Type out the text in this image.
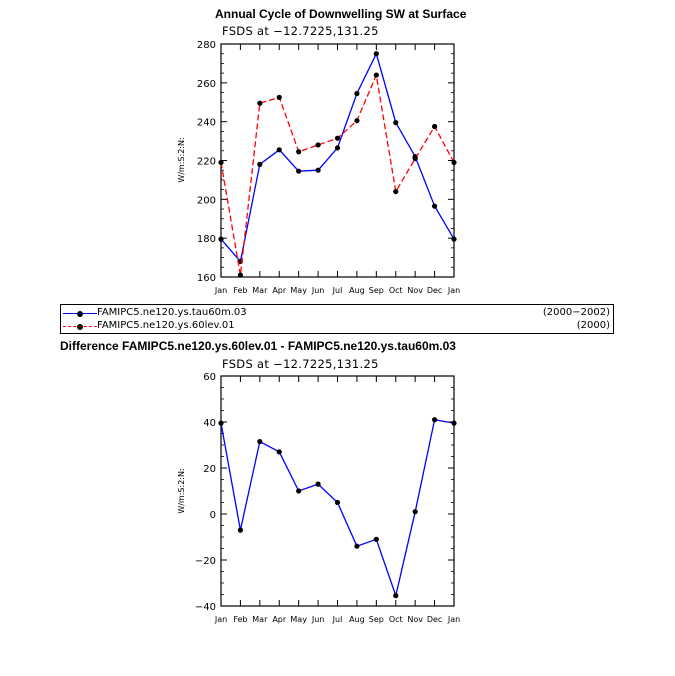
Annual Cycle of Downwelling SW at Surface
FSDS at −12.7225,131.25
Difference FAMIPC5.ne120.ys.60lev.01 - FAMIPC5.ne120.ys.tau60m.03
FSDS at −12.7225,131.25
160
180
200
220
240
260
280
Jan Feb Mar Apr May Jun Jul Aug Sep Oct Nov Dec Jan
W/m:S:2:N:
−40
−20
0
20
40
60
Jan Feb Mar Apr May Jun Jul Aug Sep Oct Nov Dec Jan
W/m:S:2:N:
FAMIPC5.ne120.ys.tau60m.03	(2000−2002)
FAMIPC5.ne120.ys.60lev.01	(2000)
